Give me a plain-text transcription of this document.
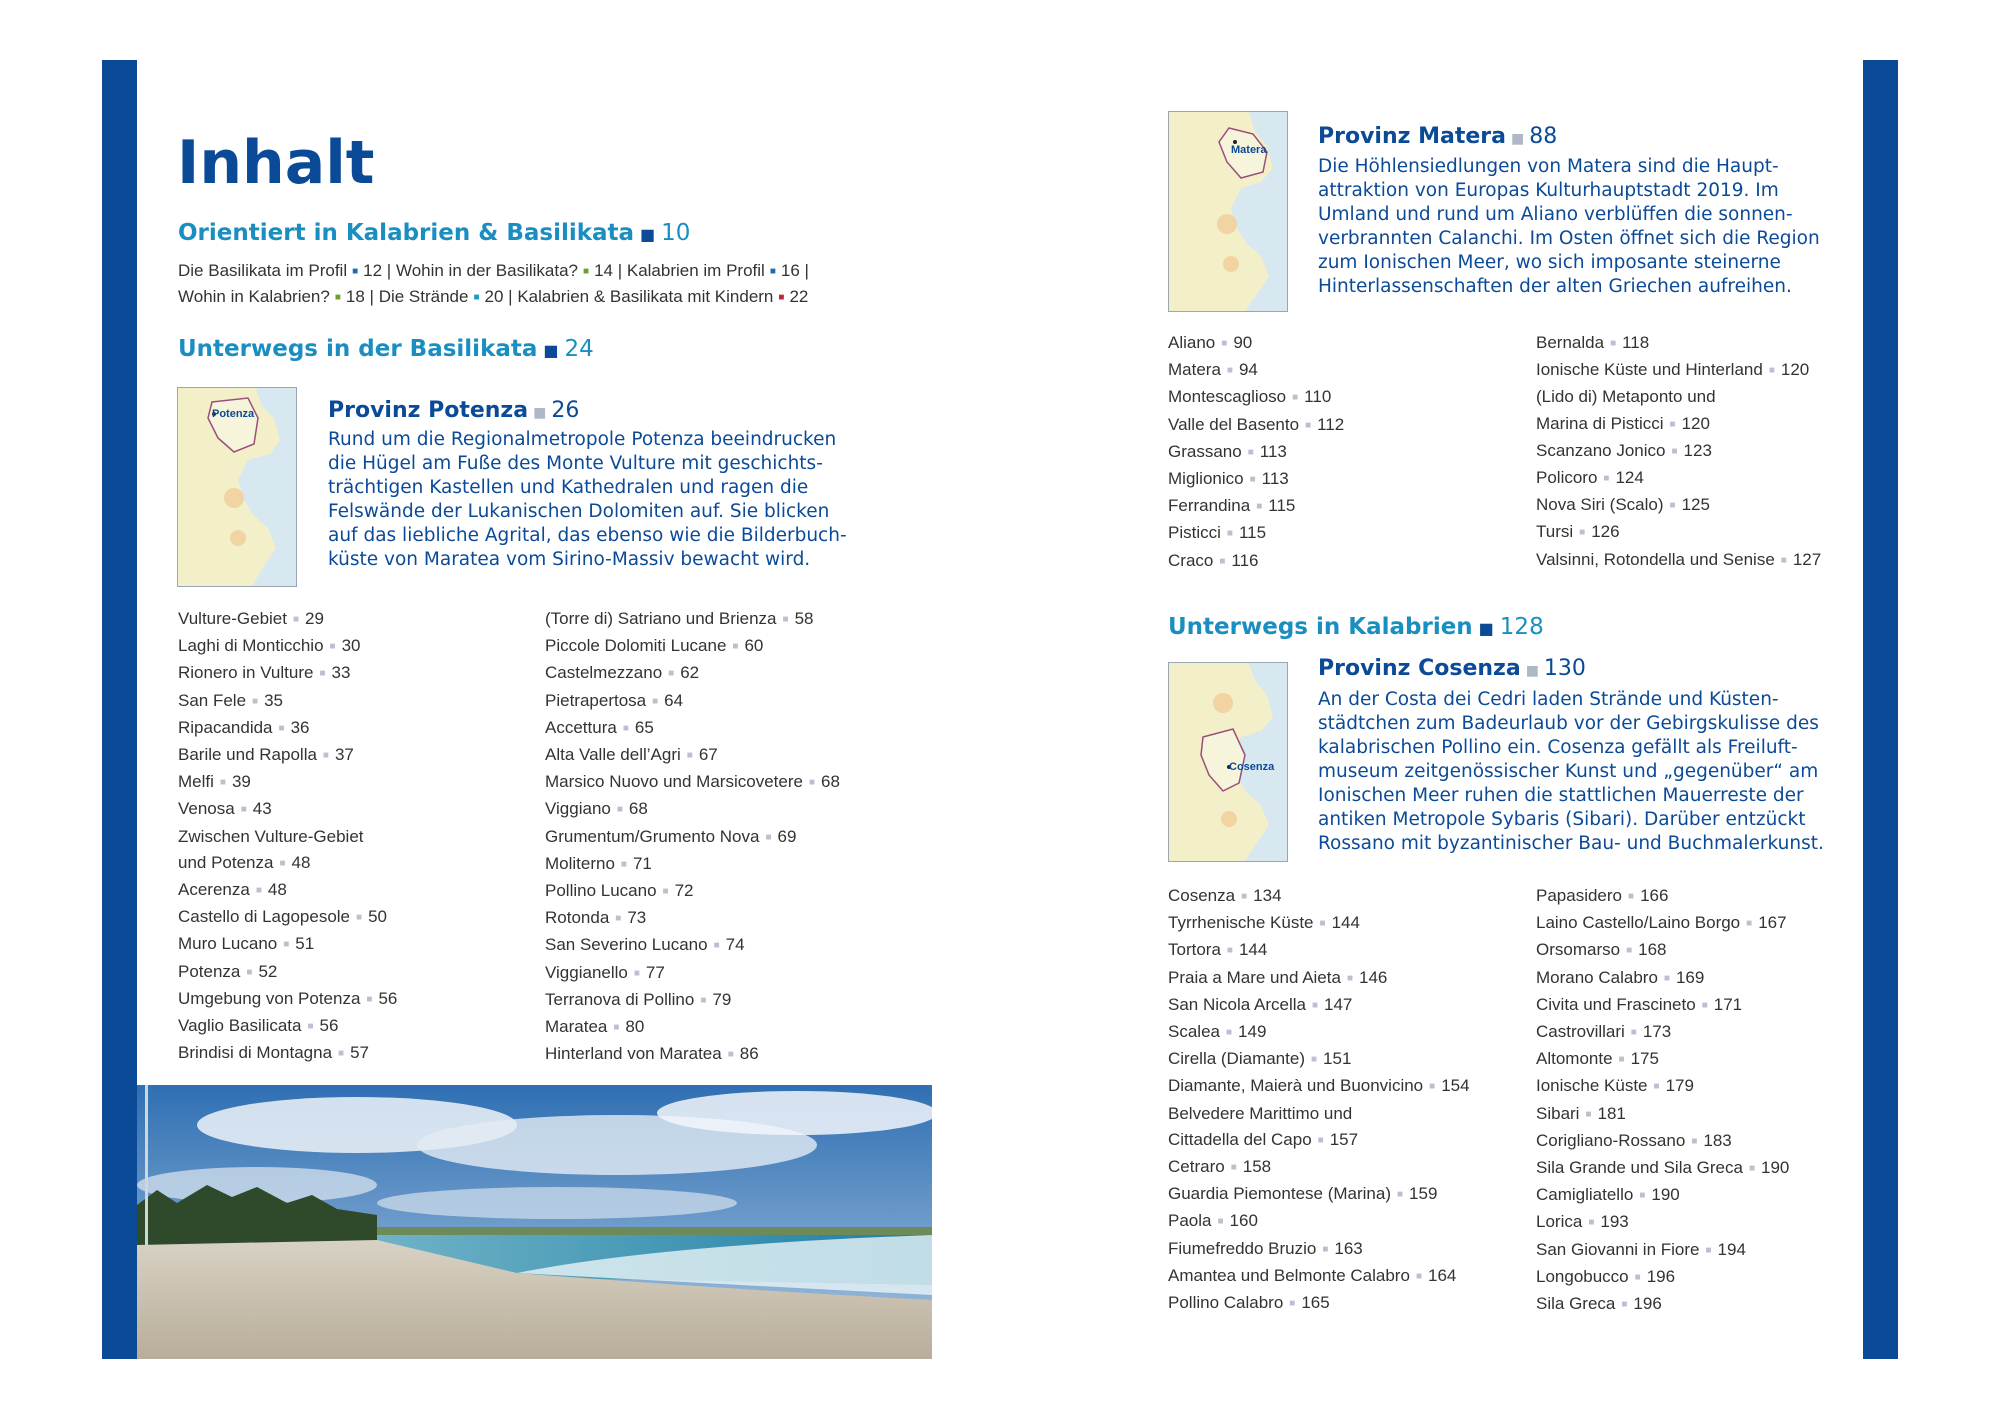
Inhalt
Orientiert in Kalabrien & Basilikata ■ 10
Die Basilikata im Profil ■ 12 | Wohin in der Basilikata? ■ 14 | Kalabrien im Profil ■ 16 |
Wohin in Kalabrien? ■ 18 | Die Strände ■ 20 | Kalabrien & Basilikata mit Kindern ■ 22
Unterwegs in der Basilikata ■ 24
Potenza	Provinz Potenza ■ 26
Rund um die Regionalmetropole Potenza beeindrucken
die Hügel am Fuße des Monte Vulture mit geschichts-
trächtigen Kastellen und Kathedralen und ragen die
Felswände der Lukanischen Dolomiten auf. Sie blicken
auf das liebliche Agrital, das ebenso wie die Bilderbuch-
küste von Maratea vom Sirino-Massiv bewacht wird.
Vulture-Gebiet ■ 29
Laghi di Monticchio ■ 30
Rionero in Vulture ■ 33
San Fele ■ 35
Ripacandida ■ 36
Barile und Rapolla ■ 37
Melfi ■ 39
Venosa ■ 43
Zwischen Vulture-Gebiet
und Potenza ■ 48
Acerenza ■ 48
Castello di Lagopesole ■ 50
Muro Lucano ■ 51
Potenza ■ 52
Umgebung von Potenza ■ 56
Vaglio Basilicata ■ 56
Brindisi di Montagna ■ 57
(Torre di) Satriano und Brienza ■ 58
Piccole Dolomiti Lucane ■ 60
Castelmezzano ■ 62
Pietrapertosa ■ 64
Accettura ■ 65
Alta Valle dell’Agri ■ 67
Marsico Nuovo und Marsicovetere ■ 68
Viggiano ■ 68
Grumentum/Grumento Nova ■ 69
Moliterno ■ 71
Pollino Lucano ■ 72
Rotonda ■ 73
San Severino Lucano ■ 74
Viggianello ■ 77
Terranova di Pollino ■ 79
Maratea ■ 80
Hinterland von Maratea ■ 86
Matera
Provinz Matera ■ 88
Die Höhlensiedlungen von Matera sind die Haupt-
attraktion von Europas Kulturhauptstadt 2019. Im
Umland und rund um Aliano verblüffen die sonnen-
verbrannten Calanchi. Im Osten öffnet sich die Region
zum Ionischen Meer, wo sich imposante steinerne
Hinterlassenschaften der alten Griechen aufreihen.
Aliano ■ 90
Matera ■ 94
Montescaglioso ■ 110
Valle del Basento ■ 112
Grassano ■ 113
Miglionico ■ 113
Ferrandina ■ 115
Pisticci ■ 115
Craco ■ 116
Bernalda ■ 118
Ionische Küste und Hinterland ■ 120
(Lido di) Metaponto und
Marina di Pisticci ■ 120
Scanzano Jonico ■ 123
Policoro ■ 124
Nova Siri (Scalo) ■ 125
Tursi ■ 126
Valsinni, Rotondella und Senise ■ 127
Unterwegs in Kalabrien ■ 128
Cosenza
Provinz Cosenza ■ 130
An der Costa dei Cedri laden Strände und Küsten-
städtchen zum Badeurlaub vor der Gebirgskulisse des
kalabrischen Pollino ein. Cosenza gefällt als Freiluft-
museum zeitgenössischer Kunst und „gegenüber“ am
Ionischen Meer ruhen die stattlichen Mauerreste der
antiken Metropole Sybaris (Sibari). Darüber entzückt
Rossano mit byzantinischer Bau- und Buchmalerkunst.
Cosenza ■ 134
Tyrrhenische Küste ■ 144
Tortora ■ 144
Praia a Mare und Aieta ■ 146
San Nicola Arcella ■ 147
Scalea ■ 149
Cirella (Diamante) ■ 151
Diamante, Maierà und Buonvicino ■ 154
Belvedere Marittimo und
Cittadella del Capo ■ 157
Cetraro ■ 158
Guardia Piemontese (Marina) ■ 159
Paola ■ 160
Fiumefreddo Bruzio ■ 163
Amantea und Belmonte Calabro ■ 164
Pollino Calabro ■ 165
Papasidero ■ 166
Laino Castello/Laino Borgo ■ 167
Orsomarso ■ 168
Morano Calabro ■ 169
Civita und Frascineto ■ 171
Castrovillari ■ 173
Altomonte ■ 175
Ionische Küste ■ 179
Sibari ■ 181
Corigliano-Rossano ■ 183
Sila Grande und Sila Greca ■ 190
Camigliatello ■ 190
Lorica ■ 193
San Giovanni in Fiore ■ 194
Longobucco ■ 196
Sila Greca ■ 196
